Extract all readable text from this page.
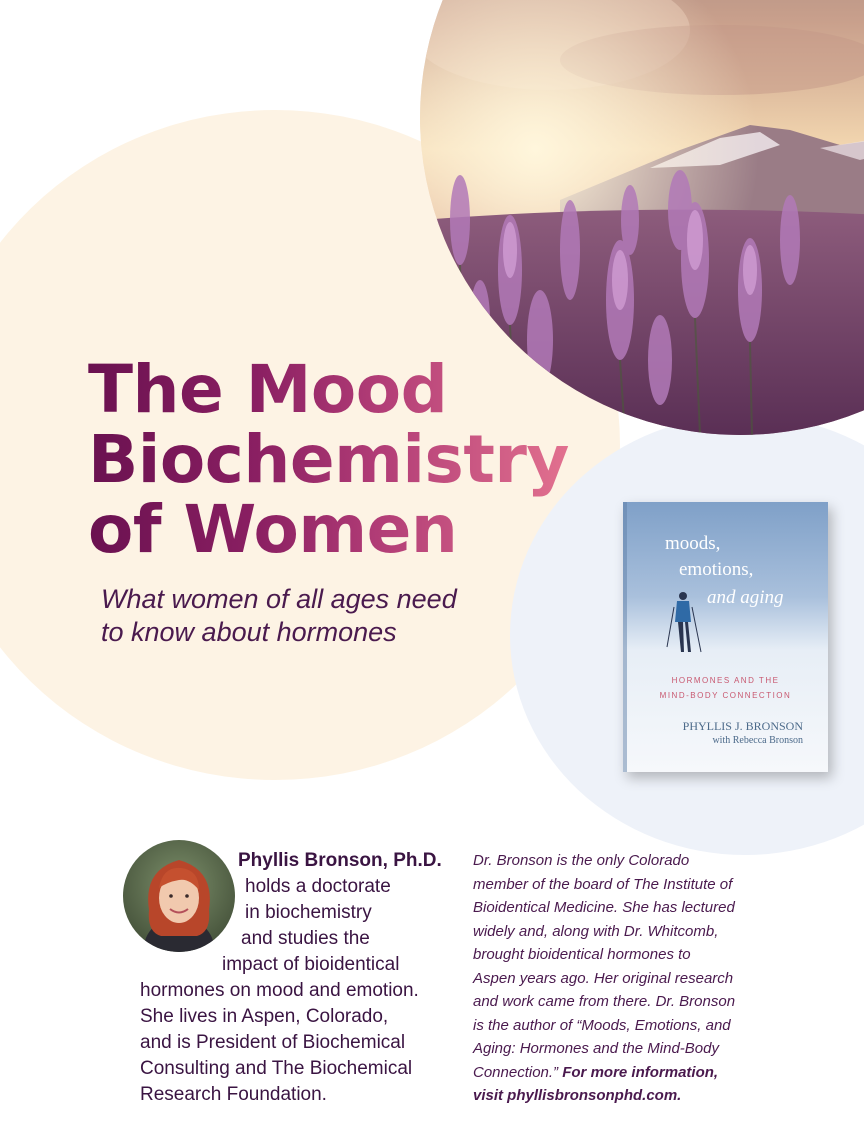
The Mood
Biochemistry
of Women

What women of all ages need
to know about hormones

moods,
emotions,
and aging
HORMONES AND THE
MIND-BODY CONNECTION
PHYLLIS J. BRONSON
with Rebecca Bronson
Phyllis Bronson, Ph.D.
holds a doctorate
in biochemistry
and studies the
impact of bioidentical
hormones on mood and emotion.
She lives in Aspen, Colorado,
and is President of Biochemical
Consulting and The Biochemical
Research Foundation.
Dr. Bronson is the only Colorado
member of the board of The Institute of
Bioidentical Medicine. She has lectured
widely and, along with Dr. Whitcomb,
brought bioidentical hormones to
Aspen years ago. Her original research
and work came from there. Dr. Bronson
is the author of “Moods, Emotions, and
Aging: Hormones and the Mind-Body
Connection.” For more information,
visit phyllisbronsonphd.com.
